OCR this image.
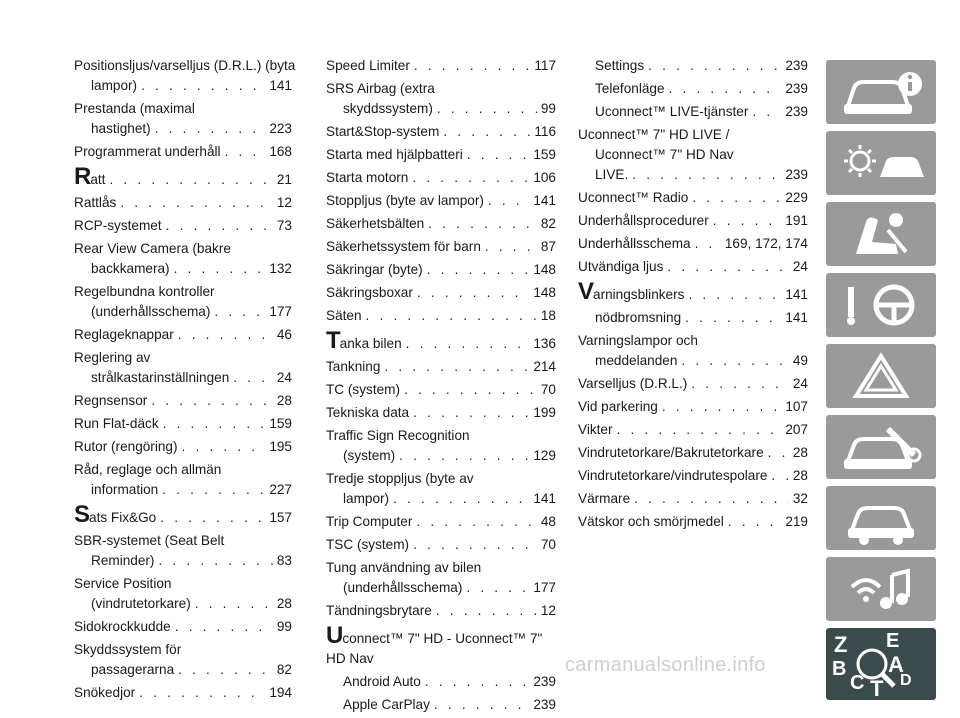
Positionsljus/varselljus (D.R.L.) (byta
lampor) . . .	141
Prestanda (maximal
hastighet) . . .	223
Programmerat underhåll . . .	168
Ratt . . .	21
Rattlås . . .	12
RCP-systemet . . .	73
Rear View Camera (bakre
backkamera) . . .	132
Regelbundna kontroller
(underhållsschema) . . .	177
Reglageknappar . . .	46
Reglering av
strålkastarinställningen . . .	24
Regnsensor . . .	28
Run Flat-däck . . .	159
Rutor (rengöring) . . .	195
Råd, reglage och allmän
information . . .	227
Sats Fix&Go . . .	157
SBR-systemet (Seat Belt
Reminder) . . .	83
Service Position
(vindrutetorkare) . . .	28
Sidokrockkudde . . .	99
Skyddssystem för
passagerarna . . .	82
Snökedjor . . .	194
Speed Limiter . . .	117
SRS Airbag (extra
skyddssystem) . . .	99
Start&Stop-system . . .	116
Starta med hjälpbatteri . . .	159
Starta motorn . . .	106
Stoppljus (byte av lampor) . . .	141
Säkerhetsbälten . . .	82
Säkerhetssystem för barn . . .	87
Säkringar (byte) . . .	148
Säkringsboxar . . .	148
Säten . . .	18
Tanka bilen . . .	136
Tankning . . .	214
TC (system) . . .	70
Tekniska data . . .	199
Traffic Sign Recognition
(system) . . .	129
Tredje stoppljus (byte av
lampor) . . .	141
Trip Computer . . .	48
TSC (system) . . .	70
Tung användning av bilen
(underhållsschema) . . .	177
Tändningsbrytare . . .	12
Uconnect™ 7" HD - Uconnect™ 7"
HD Nav
Android Auto . . .	239
Apple CarPlay . . .	239
Settings . . .	239
Telefonläge . . .	239
Uconnect™ LIVE-tjänster . . .	239
Uconnect™ 7" HD LIVE /
Uconnect™ 7" HD Nav
LIVE. . . .	239
Uconnect™ Radio . . .	229
Underhållsprocedurer . . .	191
Underhållsschema . . .	169, 172, 174
Utvändiga ljus . . .	24
Varningsblinkers . . .	141
nödbromsning . . .	141
Varningslampor och
meddelanden . . .	49
Varselljus (D.R.L.) . . .	24
Vid parkering . . .	107
Vikter . . .	207
Vindrutetorkare/Bakrutetorkare . . . 28
Vindrutetorkare/vindrutespolare . . . 28
Värmare . . .	32
Vätskor och smörjmedel . . .	219
Z E
B A
C D
T
carmanualsonline.info
